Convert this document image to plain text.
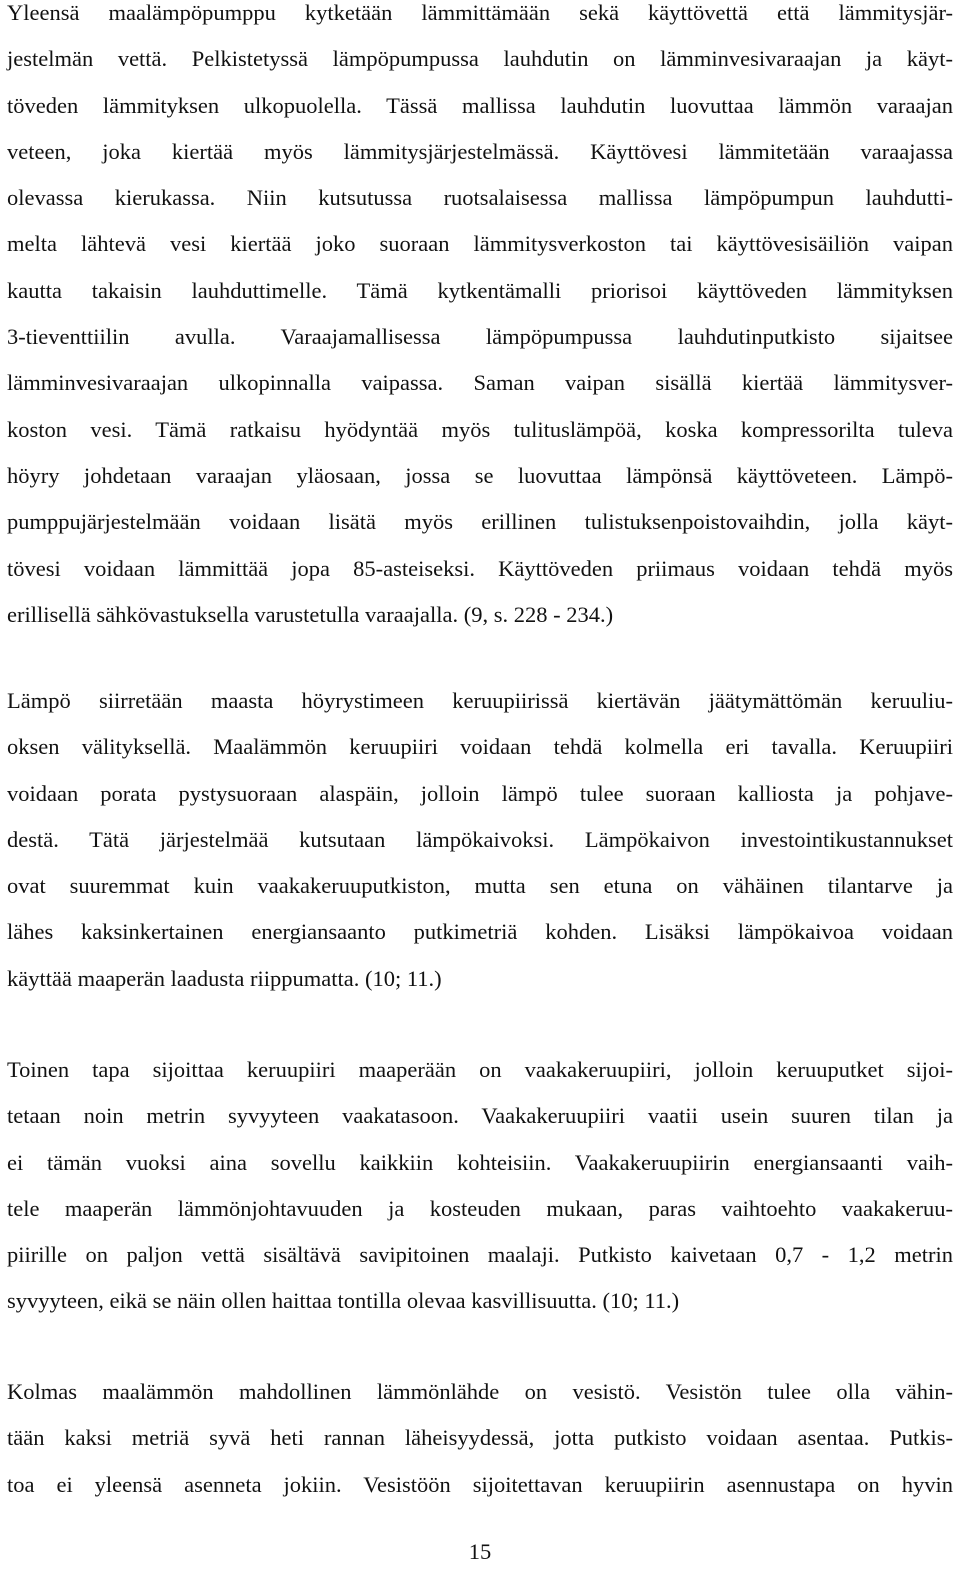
Yleensä maalämpöpumppu kytketään lämmittämään sekä käyttövettä että lämmitysjär-
jestelmän vettä. Pelkistetyssä lämpöpumpussa lauhdutin on lämminvesivaraajan ja käyt-
töveden lämmityksen ulkopuolella. Tässä mallissa lauhdutin luovuttaa lämmön varaajan
veteen, joka kiertää myös lämmitysjärjestelmässä. Käyttövesi lämmitetään varaajassa
olevassa kierukassa. Niin kutsutussa ruotsalaisessa mallissa lämpöpumpun lauhdutti-
melta lähtevä vesi kiertää joko suoraan lämmitysverkoston tai käyttövesisäiliön vaipan
kautta takaisin lauhduttimelle. Tämä kytkentämalli priorisoi käyttöveden lämmityksen
3-tieventtiilin avulla. Varaajamallisessa lämpöpumpussa lauhdutinputkisto sijaitsee
lämminvesivaraajan ulkopinnalla vaipassa. Saman vaipan sisällä kiertää lämmitysver-
koston vesi. Tämä ratkaisu hyödyntää myös tulituslämpöä, koska kompressorilta tuleva
höyry johdetaan varaajan yläosaan, jossa se luovuttaa lämpönsä käyttöveteen. Lämpö-
pumppujärjestelmään voidaan lisätä myös erillinen tulistuksenpoistovaihdin, jolla käyt-
tövesi voidaan lämmittää jopa 85-asteiseksi. Käyttöveden priimaus voidaan tehdä myös
erillisellä sähkövastuksella varustetulla varaajalla. (9, s. 228 - 234.)
Lämpö siirretään maasta höyrystimeen keruupiirissä kiertävän jäätymättömän keruuliu-
oksen välityksellä. Maalämmön keruupiiri voidaan tehdä kolmella eri tavalla. Keruupiiri
voidaan porata pystysuoraan alaspäin, jolloin lämpö tulee suoraan kalliosta ja pohjave-
destä. Tätä järjestelmää kutsutaan lämpökaivoksi. Lämpökaivon investointikustannukset
ovat suuremmat kuin vaakakeruuputkiston, mutta sen etuna on vähäinen tilantarve ja
lähes kaksinkertainen energiansaanto putkimetriä kohden. Lisäksi lämpökaivoa voidaan
käyttää maaperän laadusta riippumatta. (10; 11.)
Toinen tapa sijoittaa keruupiiri maaperään on vaakakeruupiiri, jolloin keruuputket sijoi-
tetaan noin metrin syvyyteen vaakatasoon. Vaakakeruupiiri vaatii usein suuren tilan ja
ei tämän vuoksi aina sovellu kaikkiin kohteisiin. Vaakakeruupiirin energiansaanti vaih-
tele maaperän lämmönjohtavuuden ja kosteuden mukaan, paras vaihtoehto vaakakeruu-
piirille on paljon vettä sisältävä savipitoinen maalaji. Putkisto kaivetaan 0,7 - 1,2 metrin
syvyyteen, eikä se näin ollen haittaa tontilla olevaa kasvillisuutta. (10; 11.)
Kolmas maalämmön mahdollinen lämmönlähde on vesistö. Vesistön tulee olla vähin-
tään kaksi metriä syvä heti rannan läheisyydessä, jotta putkisto voidaan asentaa. Putkis-
toa ei yleensä asenneta jokiin. Vesistöön sijoitettavan keruupiirin asennustapa on hyvin
15
